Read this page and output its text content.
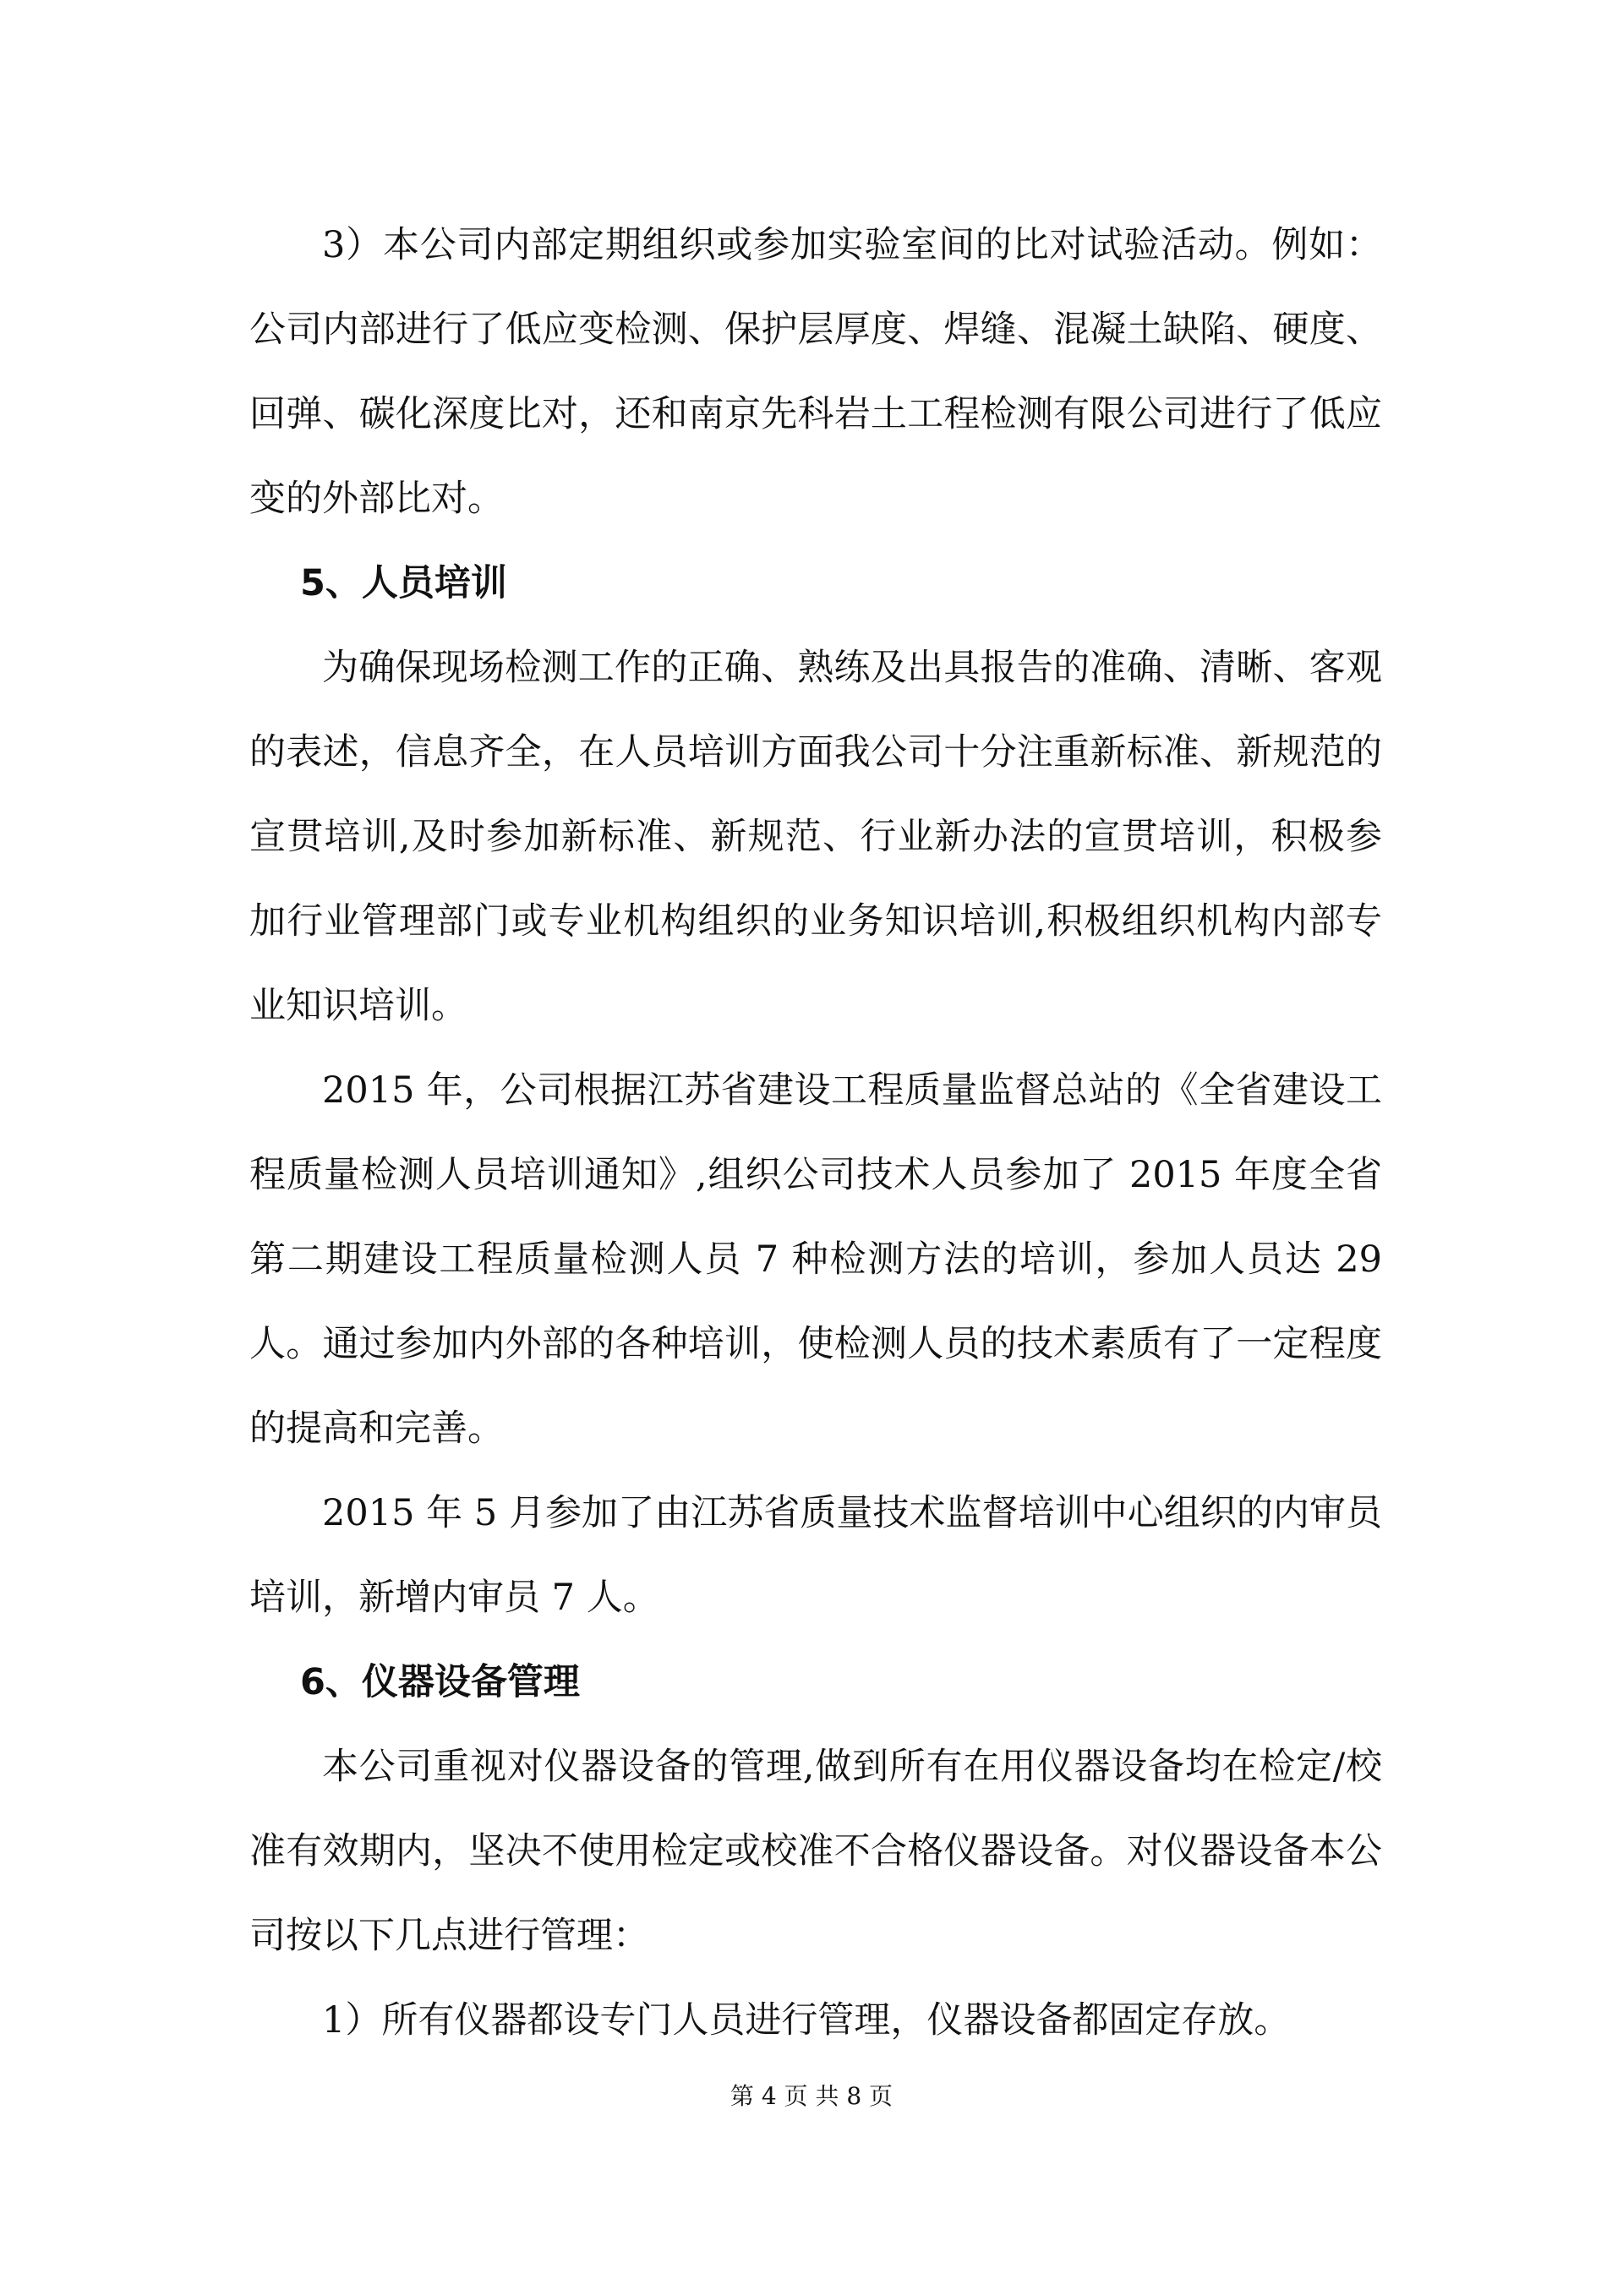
3）本公司内部定期组织或参加实验室间的比对试验活动。例如：公司内部进行了低应变检测、保护层厚度、焊缝、混凝土缺陷、硬度、回弹、碳化深度比对，还和南京先科岩土工程检测有限公司进行了低应变的外部比对。

5、人员培训

为确保现场检测工作的正确、熟练及出具报告的准确、清晰、客观的表述，信息齐全，在人员培训方面我公司十分注重新标准、新规范的宣贯培训,及时参加新标准、新规范、行业新办法的宣贯培训，积极参加行业管理部门或专业机构组织的业务知识培训,积极组织机构内部专业知识培训。

2015 年，公司根据江苏省建设工程质量监督总站的《全省建设工程质量检测人员培训通知》,组织公司技术人员参加了 2015 年度全省第二期建设工程质量检测人员 7 种检测方法的培训，参加人员达 29 人。通过参加内外部的各种培训，使检测人员的技术素质有了一定程度的提高和完善。

2015 年 5 月参加了由江苏省质量技术监督培训中心组织的内审员培训，新增内审员 7 人。

6、仪器设备管理

本公司重视对仪器设备的管理,做到所有在用仪器设备均在检定/校准有效期内，坚决不使用检定或校准不合格仪器设备。对仪器设备本公司按以下几点进行管理：

1）所有仪器都设专门人员进行管理，仪器设备都固定存放。

第 4 页 共 8 页
